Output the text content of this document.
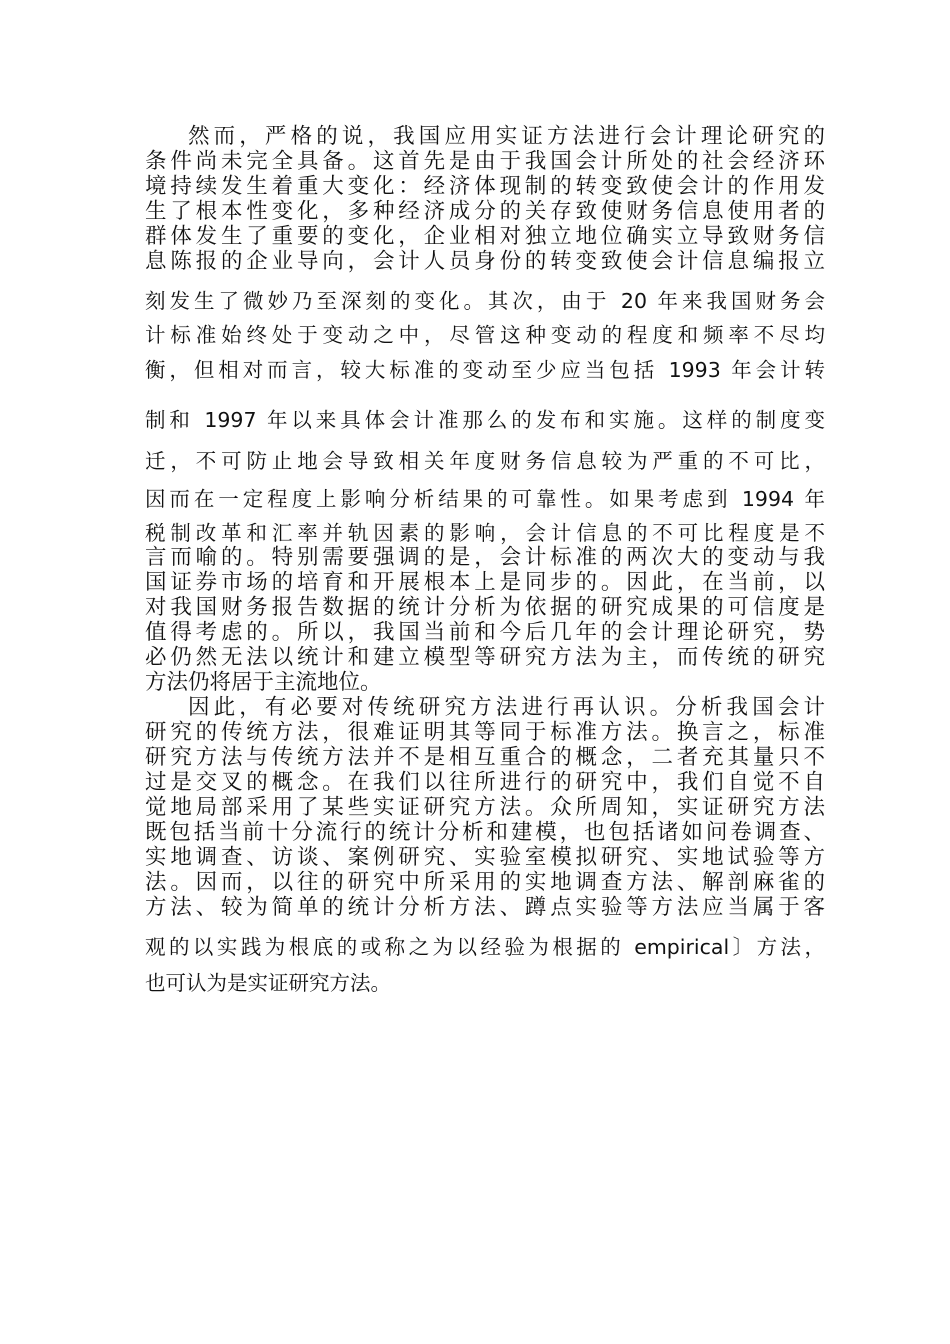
然而，严格的说，我国应用实证方法进行会计理论研究的
条件尚未完全具备。这首先是由于我国会计所处的社会经济环
境持续发生着重大变化：经济体现制的转变致使会计的作用发
生了根本性变化，多种经济成分的关存致使财务信息使用者的
群体发生了重要的变化，企业相对独立地位确实立导致财务信
息陈报的企业导向，会计人员身份的转变致使会计信息编报立
刻发生了微妙乃至深刻的变化。其次，由于 20 年来我国财务会
计标准始终处于变动之中，尽管这种变动的程度和频率不尽均
衡，但相对而言，较大标准的变动至少应当包括 1993 年会计转
制和 1997 年以来具体会计准那么的发布和实施。这样的制度变
迁，不可防止地会导致相关年度财务信息较为严重的不可比，
因而在一定程度上影响分析结果的可靠性。如果考虑到 1994 年
税制改革和汇率并轨因素的影响，会计信息的不可比程度是不
言而喻的。特别需要强调的是，会计标准的两次大的变动与我
国证券市场的培育和开展根本上是同步的。因此，在当前，以
对我国财务报告数据的统计分析为依据的研究成果的可信度是
值得考虑的。所以，我国当前和今后几年的会计理论研究，势
必仍然无法以统计和建立模型等研究方法为主，而传统的研究
方法仍将居于主流地位。
因此，有必要对传统研究方法进行再认识。分析我国会计
研究的传统方法，很难证明其等同于标准方法。换言之，标准
研究方法与传统方法并不是相互重合的概念，二者充其量只不
过是交叉的概念。在我们以往所进行的研究中，我们自觉不自
觉地局部采用了某些实证研究方法。众所周知，实证研究方法
既包括当前十分流行的统计分析和建模，也包括诸如问卷调查、
实地调查、访谈、案例研究、实验室模拟研究、实地试验等方
法。因而，以往的研究中所采用的实地调查方法、解剖麻雀的
方法、较为简单的统计分析方法、蹲点实验等方法应当属于客
观的以实践为根底的或称之为以经验为根据的 empirical〕方法，
也可认为是实证研究方法。
